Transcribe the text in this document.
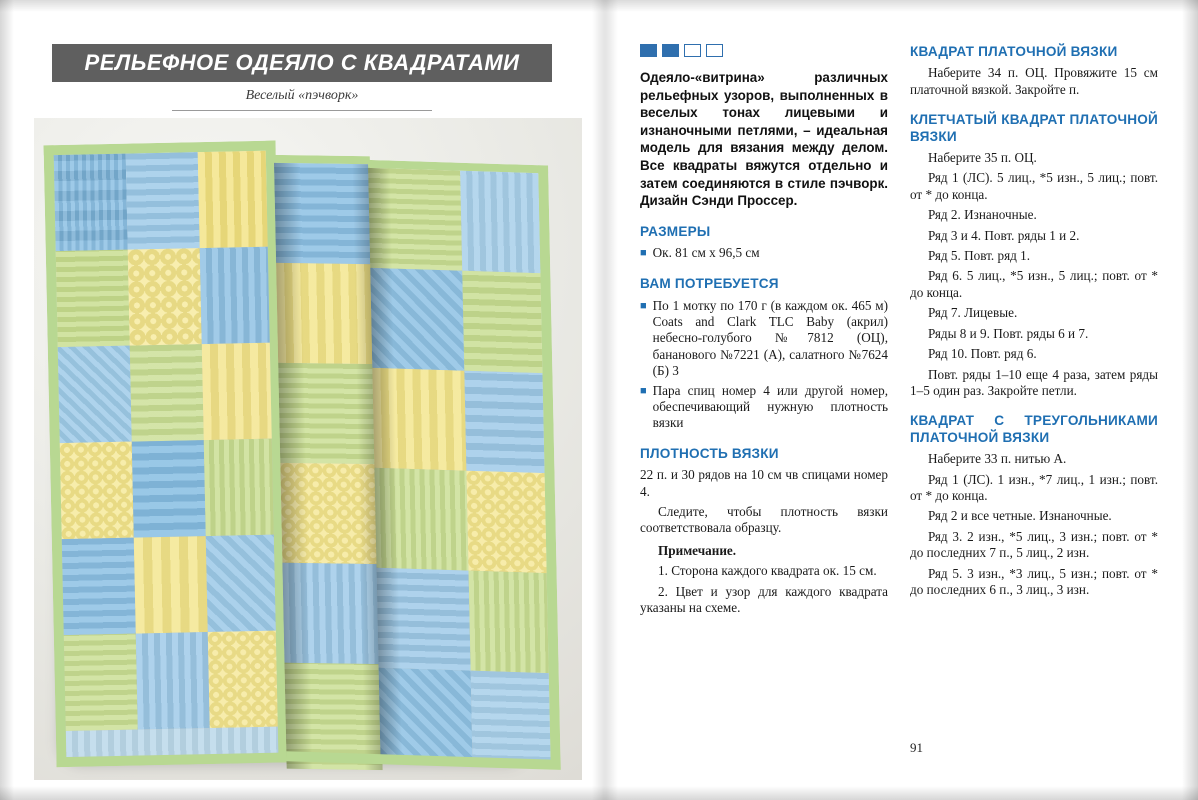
РЕЛЬЕФНОЕ ОДЕЯЛО С КВАДРАТАМИ
Веселый «пэчворк»
Одеяло-«витрина» различных рельефных узоров, выполненных в веселых тонах лицевыми и изнаночными петлями, – идеальная модель для вязания между делом. Все квадраты вяжутся отдельно и затем соединяются в стиле пэчворк. Дизайн Сэнди Проссер.
РАЗМЕРЫ
■ Ок. 81 см х 96,5 см
ВАМ ПОТРЕБУЕТСЯ
■ По 1 мотку по 170 г (в каждом ок. 465 м) Coats and Clark TLC Baby (акрил) небесно-голубого №7812 (ОЦ), бананового №7221 (А), салатного №7624 (Б) 3
■ Пара спиц номер 4 или другой номер, обеспечивающий нужную плотность вязки
ПЛОТНОСТЬ ВЯЗКИ

22 п. и 30 рядов на 10 см чв спицами номер 4.

Следите, чтобы плотность вязки соответствовала образцу.

Примечание.

1. Сторона каждого квадрата ок. 15 см.

2. Цвет и узор для каждого квадрата указаны на схеме.

КВАДРАТ ПЛАТОЧНОЙ ВЯЗКИ

Наберите 34 п. ОЦ. Провяжите 15 см платочной вязкой. Закройте п.

КЛЕТЧАТЫЙ КВАДРАТ ПЛАТОЧНОЙ ВЯЗКИ

Наберите 35 п. ОЦ.

Ряд 1 (ЛС). 5 лиц., *5 изн., 5 лиц.; повт. от * до конца.

Ряд 2. Изнаночные.

Ряд 3 и 4. Повт. ряды 1 и 2.

Ряд 5. Повт. ряд 1.

Ряд 6. 5 лиц., *5 изн., 5 лиц.; повт. от * до конца.

Ряд 7. Лицевые.

Ряды 8 и 9. Повт. ряды 6 и 7.

Ряд 10. Повт. ряд 6.

Повт. ряды 1–10 еще 4 раза, затем ряды 1–5 один раз. Закройте петли.

КВАДРАТ С ТРЕУГОЛЬНИКАМИ ПЛАТОЧНОЙ ВЯЗКИ

Наберите 33 п. нитью А.

Ряд 1 (ЛС). 1 изн., *7 лиц., 1 изн.; повт. от * до конца.

Ряд 2 и все четные. Изнаночные.

Ряд 3. 2 изн., *5 лиц., 3 изн.; повт. от * до последних 7 п., 5 лиц., 2 изн.

Ряд 5. 3 изн., *3 лиц., 5 изн.; повт. от * до последних 6 п., 3 лиц., 3 изн.

91
